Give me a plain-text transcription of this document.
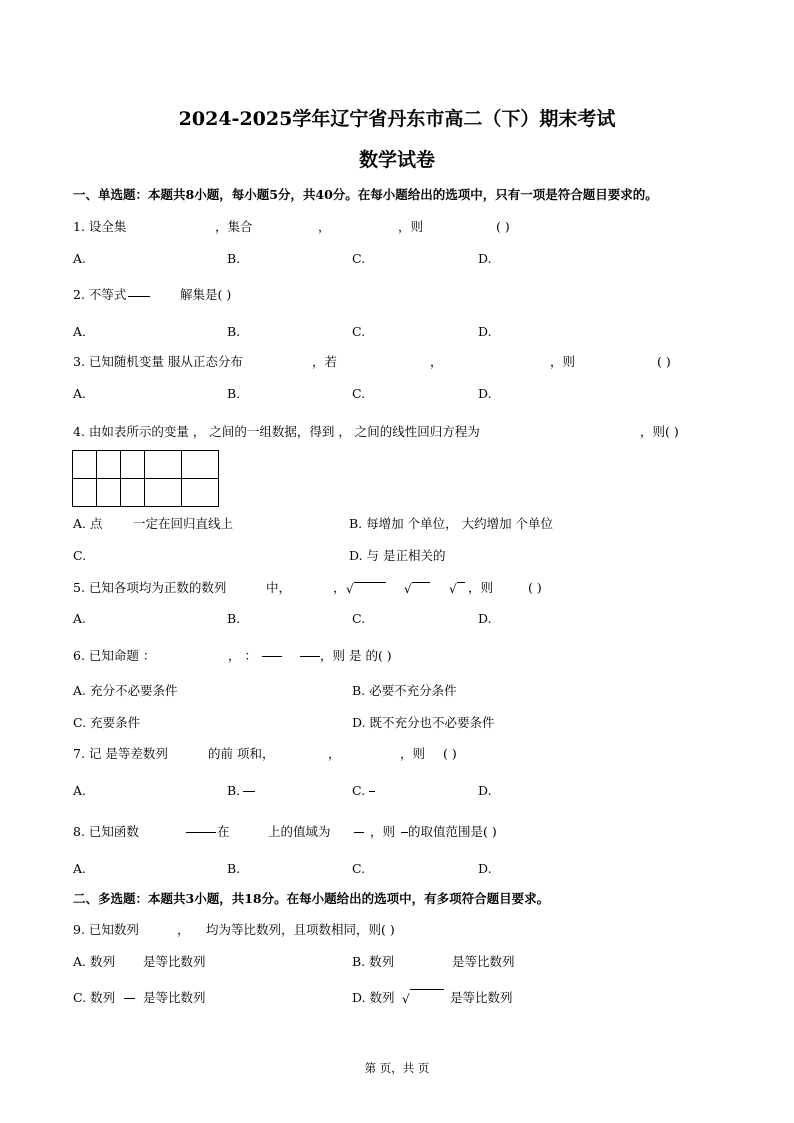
2024-2025学年辽宁省丹东市高二（下）期末考试
数学试卷
一、单选题：本题共8小题，每小题5分，共40分。在每小题给出的选项中，只有一项是符合题目要求的。
1. 设全集	，集合	，	，则	( )
A.	B.	C.	D.
2. 不等式	解集是( )
A.	B.	C.	D.
3. 已知随机变量 服从正态分布	，若	，	，则	( )
A.	B.	C.	D.
4. 由如表所示的变量 ， 之间的一组数据，得到 ， 之间的线性回归方程为	，则( )

A. 点 一定在回归直线上	B. 每增加 个单位， 大约增加 个单位
C.	D. 与 是正相关的
5. 已知各项均为正数的数列	中，	， √	√	√ ，则	( )
A.	B.	C.	D.
6. 已知命题 ：	， ：	，则 是 的( )
A. 充分不必要条件	B. 必要不充分条件
C. 充要条件	D. 既不充分也不必要条件
7. 记 是等差数列	的前 项和，	，	，则 ( )
A.	B.	C.	D.
8. 已知函数	在	上的值域为	，则 的取值范围是( )
A.	B.	C.	D.
二、多选题：本题共3小题，共18分。在每小题给出的选项中，有多项符合题目要求。
9. 已知数列	， 均为等比数列，且项数相同，则( )
A. 数列 是等比数列	B. 数列	是等比数列
C. 数列 是等比数列	D. 数列 √	是等比数列
第 页，共 页
